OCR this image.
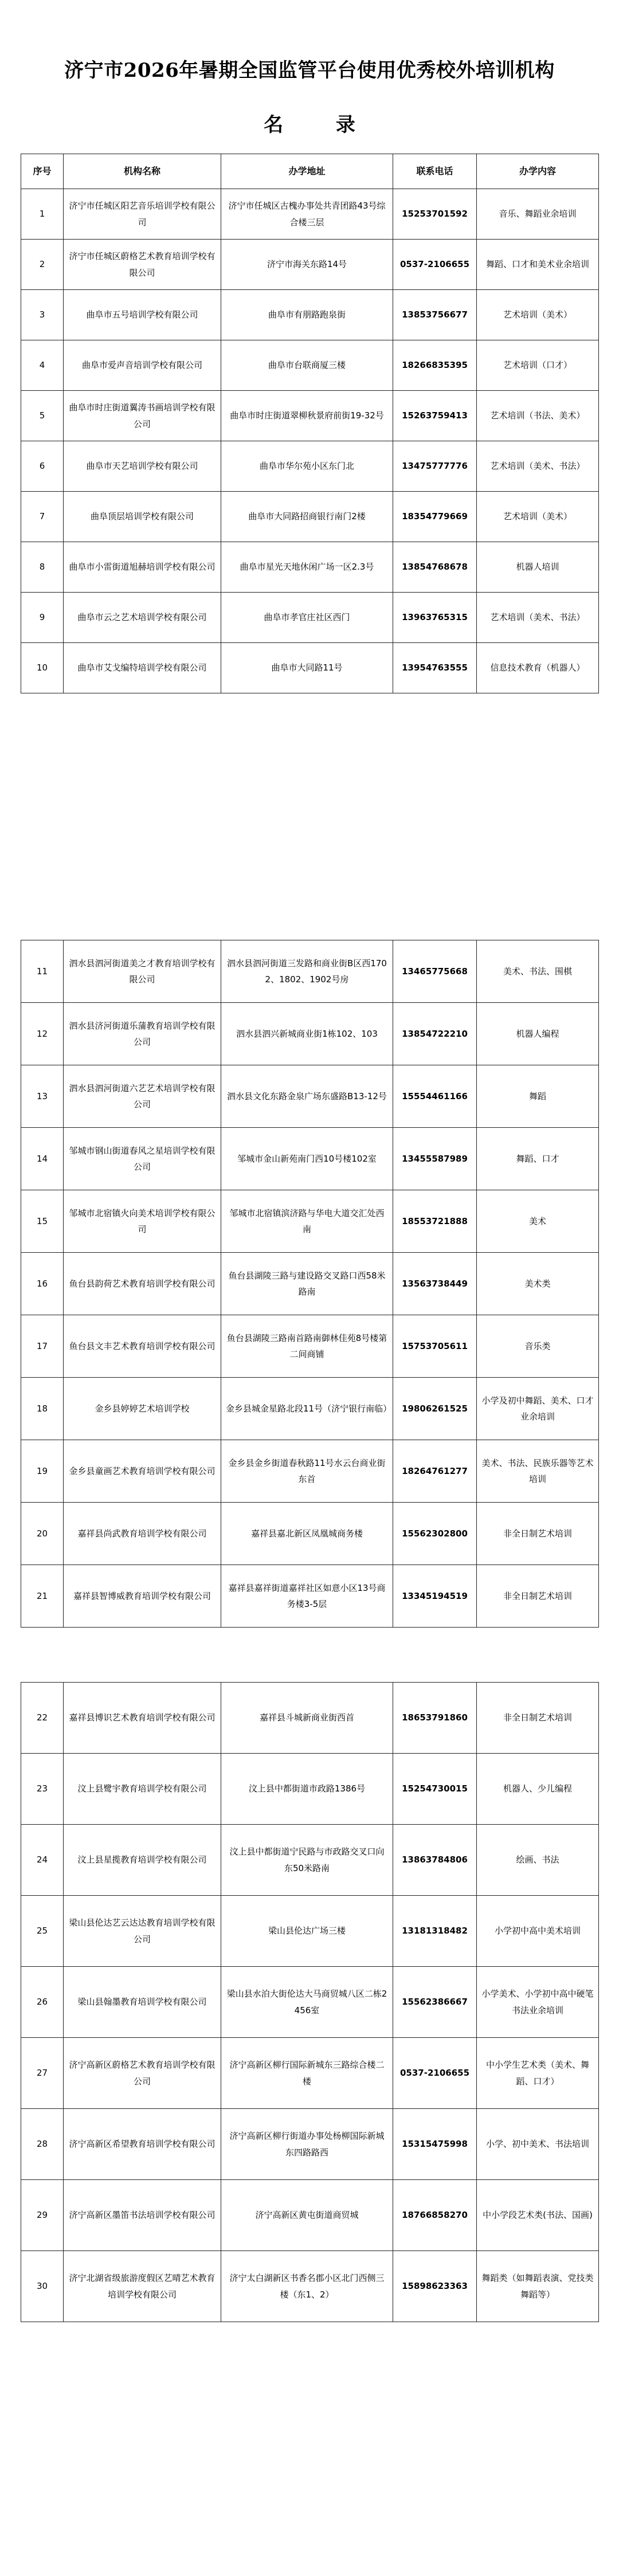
济宁市2026年暑期全国监管平台使用优秀校外培训机构
名 录
序号	机构名称	办学地址	联系电话	办学内容
1	济宁市任城区阳艺音乐培训学校有限公司	济宁市任城区古槐办事处共青团路43号综合楼三层	15253701592	音乐、舞蹈业余培训
2	济宁市任城区蔚格艺术教育培训学校有限公司	济宁市海关东路14号	0537-2106655	舞蹈、口才和美术业余培训
3	曲阜市五号培训学校有限公司	曲阜市有朋路跑泉街	13853756677	艺术培训（美术）
4	曲阜市爱声音培训学校有限公司	曲阜市台联商厦三楼	18266835395	艺术培训（口才）
5	曲阜市时庄街道翼涛书画培训学校有限公司	曲阜市时庄街道翠柳秋景府前街19-32号	15263759413	艺术培训（书法、美术）
6	曲阜市天艺培训学校有限公司	曲阜市华尔苑小区东门北	13475777776	艺术培训（美术、书法）
7	曲阜顶层培训学校有限公司	曲阜市大同路招商银行南门2楼	18354779669	艺术培训（美术）
8	曲阜市小雷街道旭赫培训学校有限公司	曲阜市星光天地休闲广场一区2.3号	13854768678	机器人培训
9	曲阜市云之艺术培训学校有限公司	曲阜市孝官庄社区西门	13963765315	艺术培训（美术、书法）
10	曲阜市艾戈编特培训学校有限公司	曲阜市大同路11号	13954763555	信息技术教育（机器人）
11	泗水县泗河街道美之才教育培训学校有限公司	泗水县泗河街道三发路和商业街B区西1702、1802、1902号房	13465775668	美术、书法、围棋
12	泗水县济河街道乐蒲教育培训学校有限公司	泗水县泗兴新城商业街1栋102、103	13854722210	机器人编程
13	泗水县泗河街道六艺艺术培训学校有限公司	泗水县文化东路金泉广场东盛路B13-12号	15554461166	舞蹈
14	邹城市钢山街道春风之星培训学校有限公司	邹城市金山新苑南门西10号楼102室	13455587989	舞蹈、口才
15	邹城市北宿镇火向美术培训学校有限公司	邹城市北宿镇滨济路与华电大道交汇处西南	18553721888	美术
16	鱼台县韵荷艺术教育培训学校有限公司	鱼台县湖陵三路与建设路交叉路口西58米路南	13563738449	美术类
17	鱼台县文丰艺术教育培训学校有限公司	鱼台县湖陵三路南首路南御林佳苑8号楼第二间商铺	15753705611	音乐类
18	金乡县婷婷艺术培训学校	金乡县城金星路北段11号（济宁银行南临）	19806261525	小学及初中舞蹈、美术、口才业余培训
19	金乡县童画艺术教育培训学校有限公司	金乡县金乡街道春秋路11号水云台商业街东首	18264761277	美术、书法、民族乐器等艺术培训
20	嘉祥县尚武教育培训学校有限公司	嘉祥县嘉北新区凤凰城商务楼	15562302800	非全日制艺术培训
21	嘉祥县智博威教育培训学校有限公司	嘉祥县嘉祥街道嘉祥社区如意小区13号商务楼3-5层	13345194519	非全日制艺术培训
22	嘉祥县博识艺术教育培训学校有限公司	嘉祥县斗城新商业街西首	18653791860	非全日制艺术培训
23	汶上县鹭宇教育培训学校有限公司	汶上县中都街道市政路1386号	15254730015	机器人、少儿编程
24	汶上县星揽教育培训学校有限公司	汶上县中都街道宁民路与市政路交叉口向东50米路南	13863784806	绘画、书法
25	梁山县伦达艺云达达教育培训学校有限公司	梁山县伦达广场三楼	13181318482	小学初中高中美术培训
26	梁山县翰墨教育培训学校有限公司	梁山县水泊大街伦达大马商贸城八区二栋2456室	15562386667	小学美术、小学初中高中硬笔书法业余培训
27	济宁高新区蔚格艺术教育培训学校有限公司	济宁高新区柳行国际新城东三路综合楼二楼	0537-2106655	中小学生艺术类（美术、舞蹈、口才）
28	济宁高新区希望教育培训学校有限公司	济宁高新区柳行街道办事处杨柳国际新城东四路路西	15315475998	小学、初中美术、书法培训
29	济宁高新区墨笛书法培训学校有限公司	济宁高新区黄屯街道商贸城	18766858270	中小学段艺术类(书法、国画)
30	济宁北湖省级旅游度假区艺晴艺术教育培训学校有限公司	济宁太白湖新区书香名郡小区北门西侧三楼（东1、2）	15898623363	舞蹈类（如舞蹈表演、党技类舞蹈等）
